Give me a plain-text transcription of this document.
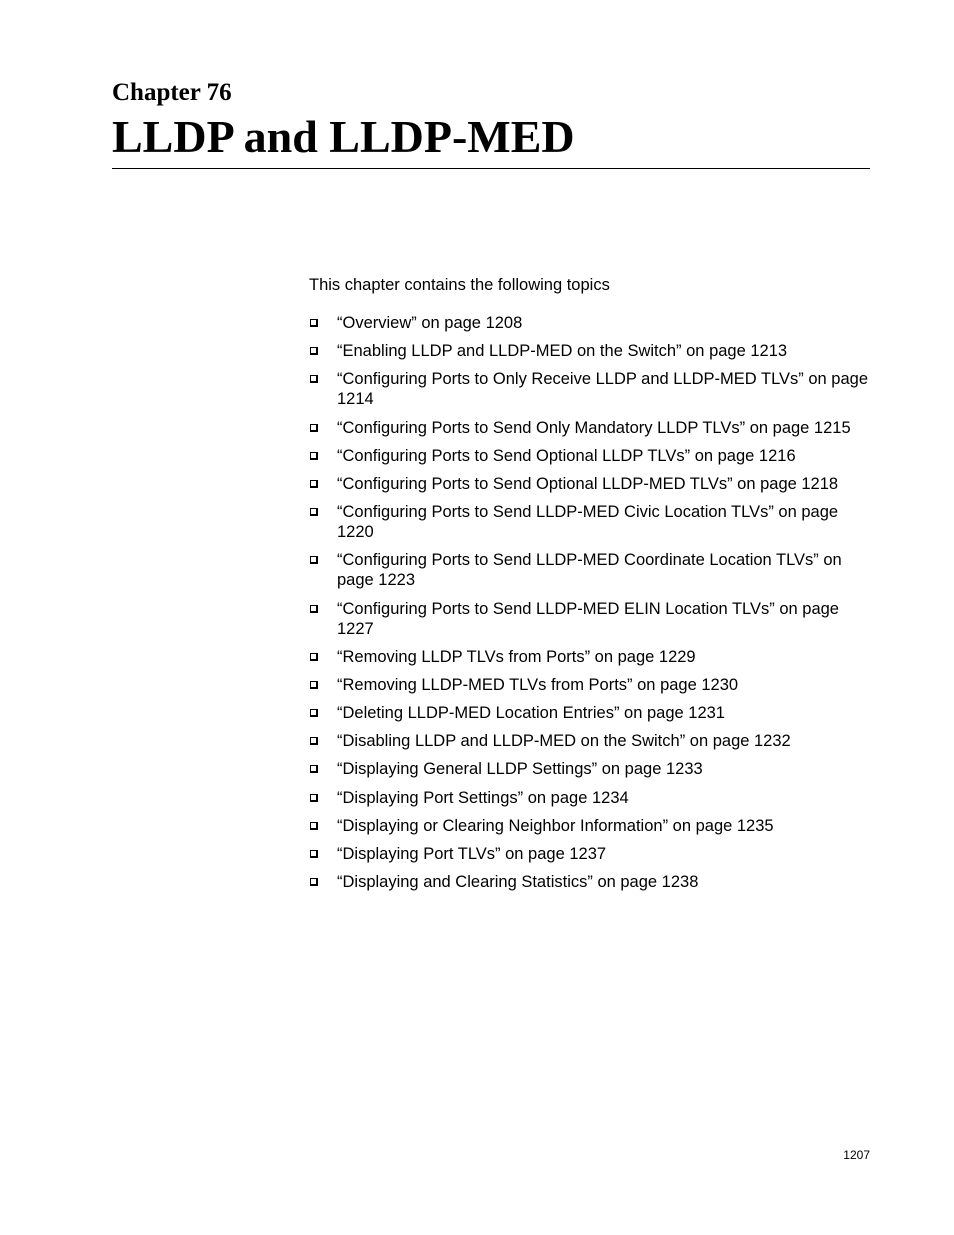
Chapter 76
LLDP and LLDP-MED
This chapter contains the following topics
“Overview” on page 1208
“Enabling LLDP and LLDP-MED on the Switch” on page 1213
“Configuring Ports to Only Receive LLDP and LLDP-MED TLVs” on page 1214
“Configuring Ports to Send Only Mandatory LLDP TLVs” on page 1215
“Configuring Ports to Send Optional LLDP TLVs” on page 1216
“Configuring Ports to Send Optional LLDP-MED TLVs” on page 1218
“Configuring Ports to Send LLDP-MED Civic Location TLVs” on page 1220
“Configuring Ports to Send LLDP-MED Coordinate Location TLVs” on page 1223
“Configuring Ports to Send LLDP-MED ELIN Location TLVs” on page 1227
“Removing LLDP TLVs from Ports” on page 1229
“Removing LLDP-MED TLVs from Ports” on page 1230
“Deleting LLDP-MED Location Entries” on page 1231
“Disabling LLDP and LLDP-MED on the Switch” on page 1232
“Displaying General LLDP Settings” on page 1233
“Displaying Port Settings” on page 1234
“Displaying or Clearing Neighbor Information” on page 1235
“Displaying Port TLVs” on page 1237
“Displaying and Clearing Statistics” on page 1238
1207
